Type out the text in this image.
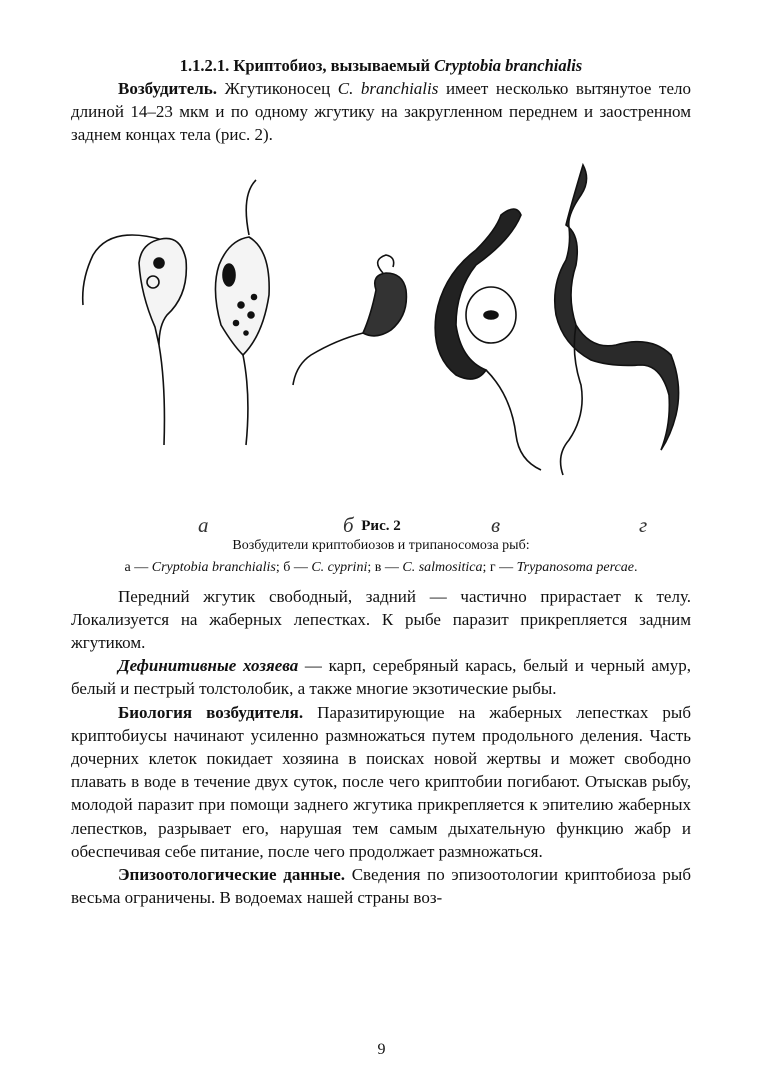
1.1.2.1. Криптобиоз, вызываемый Cryptobia branchialis

Возбудитель. Жгутиконосец C. branchialis имеет несколько вытянутое тело длиной 14–23 мкм и по одному жгутику на закругленном переднем и заостренном заднем концах тела (рис. 2).

а	б	в	г
Рис. 2
Возбудители криптобиозов и трипаносомоза рыб:
а — Cryptobia branchialis; б — C. cyprini; в — C. salmositica; г — Trypanosoma percae.

Передний жгутик свободный, задний — частично прирастает к телу. Локализуется на жаберных лепестках. К рыбе паразит прикрепляется задним жгутиком.

Дефинитивные хозяева — карп, серебряный карась, белый и черный амур, белый и пестрый толстолобик, а также многие экзотические рыбы.

Биология возбудителя. Паразитирующие на жаберных лепестках рыб криптобиусы начинают усиленно размножаться путем продольного деления. Часть дочерних клеток покидает хозяина в поисках новой жертвы и может свободно плавать в воде в течение двух суток, после чего криптобии погибают. Отыскав рыбу, молодой паразит при помощи заднего жгутика прикрепляется к эпителию жаберных лепестков, разрывает его, нарушая тем самым дыхательную функцию жабр и обеспечивая себе питание, после чего продолжает размножаться.

Эпизоотологические данные. Сведения по эпизоотологии криптобиоза рыб весьма ограничены. В водоемах нашей страны воз-

9
